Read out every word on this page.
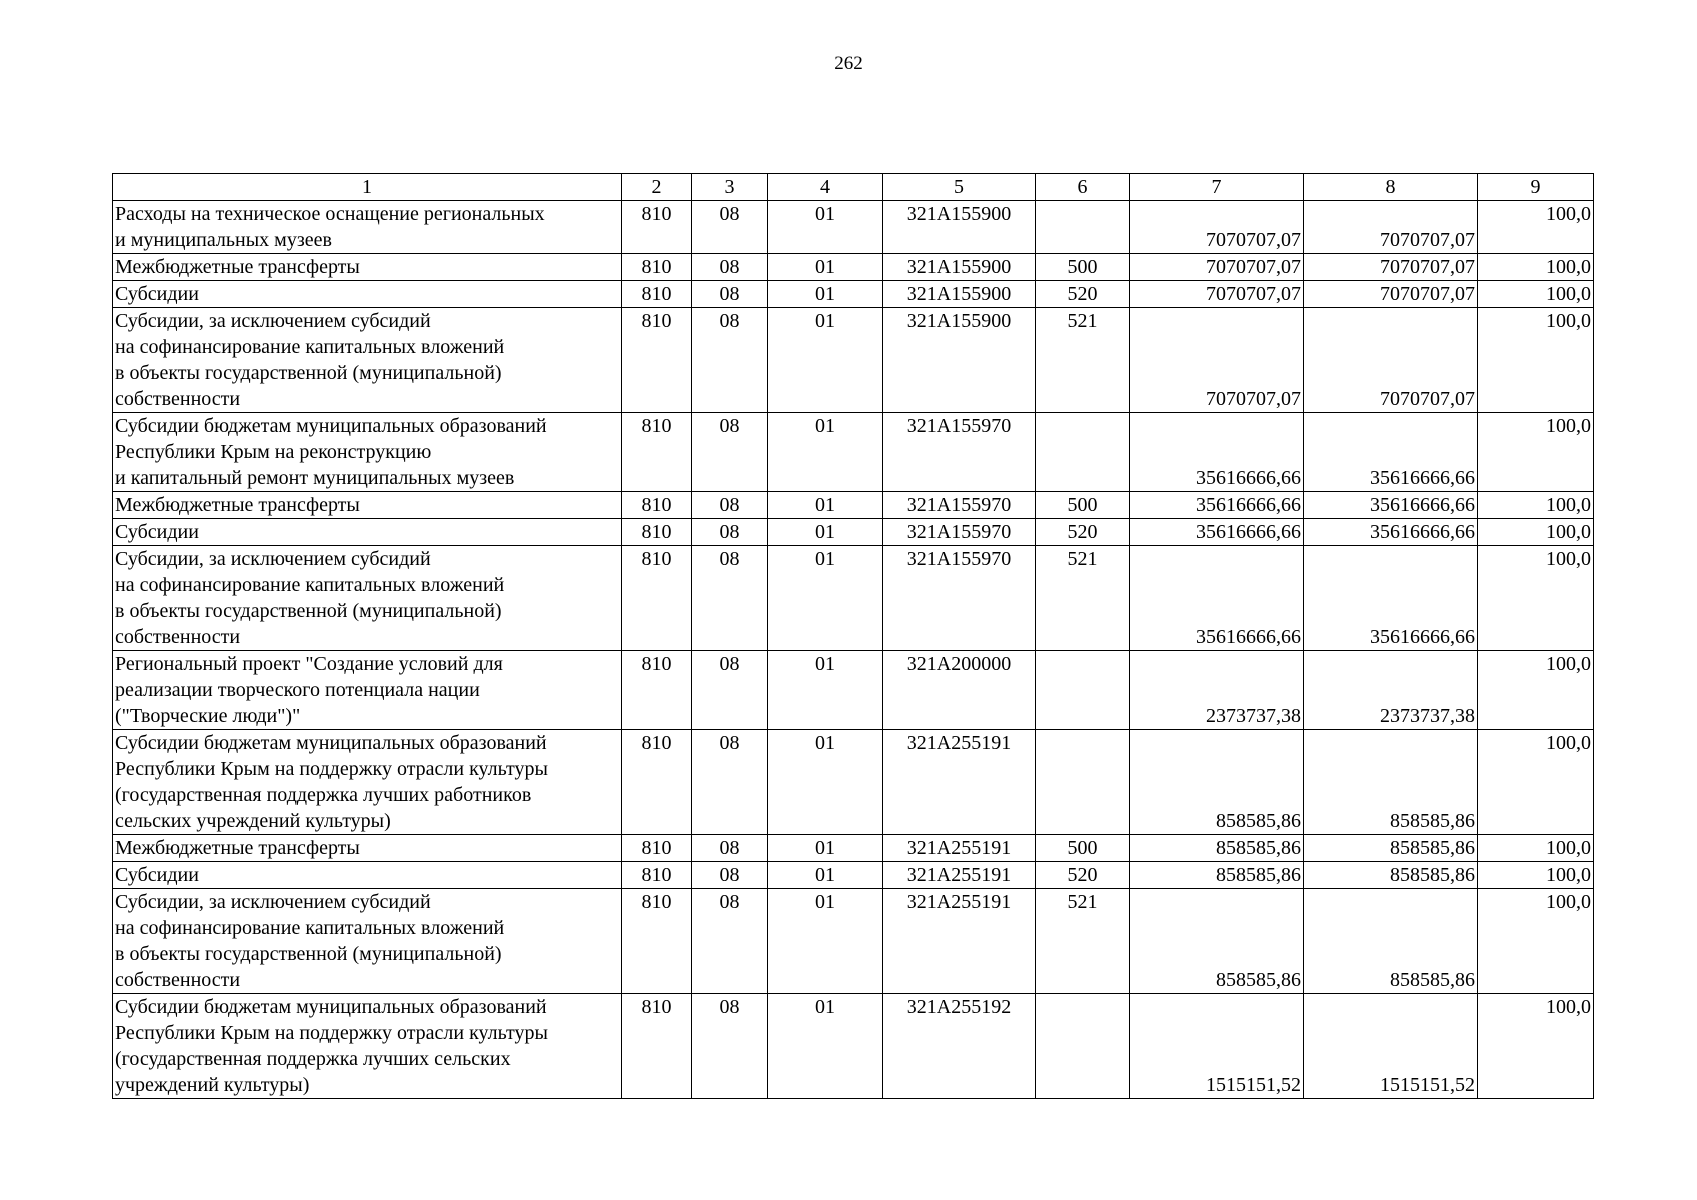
262
1	2	3	4	5	6	7	8	9
Расходы на техническое оснащение региональных
и муниципальных музеев	810	08	01	321A155900		7070707,07	7070707,07	100,0
Межбюджетные трансферты	810	08	01	321A155900	500	7070707,07	7070707,07	100,0
Субсидии	810	08	01	321A155900	520	7070707,07	7070707,07	100,0
Субсидии, за исключением субсидий
на софинансирование капитальных вложений
в объекты государственной (муниципальной)
собственности	810	08	01	321A155900	521	7070707,07	7070707,07	100,0
Субсидии бюджетам муниципальных образований
Республики Крым на реконструкцию
и капитальный ремонт муниципальных музеев	810	08	01	321A155970		35616666,66	35616666,66	100,0
Межбюджетные трансферты	810	08	01	321A155970	500	35616666,66	35616666,66	100,0
Субсидии	810	08	01	321A155970	520	35616666,66	35616666,66	100,0
Субсидии, за исключением субсидий
на софинансирование капитальных вложений
в объекты государственной (муниципальной)
собственности	810	08	01	321A155970	521	35616666,66	35616666,66	100,0
Региональный проект "Создание условий для
реализации творческого потенциала нации
("Творческие люди")"	810	08	01	321A200000		2373737,38	2373737,38	100,0
Субсидии бюджетам муниципальных образований
Республики Крым на поддержку отрасли культуры
(государственная поддержка лучших работников
сельских учреждений культуры)	810	08	01	321A255191		858585,86	858585,86	100,0
Межбюджетные трансферты	810	08	01	321A255191	500	858585,86	858585,86	100,0
Субсидии	810	08	01	321A255191	520	858585,86	858585,86	100,0
Субсидии, за исключением субсидий
на софинансирование капитальных вложений
в объекты государственной (муниципальной)
собственности	810	08	01	321A255191	521	858585,86	858585,86	100,0
Субсидии бюджетам муниципальных образований
Республики Крым на поддержку отрасли культуры
(государственная поддержка лучших сельских
учреждений культуры)	810	08	01	321A255192		1515151,52	1515151,52	100,0
